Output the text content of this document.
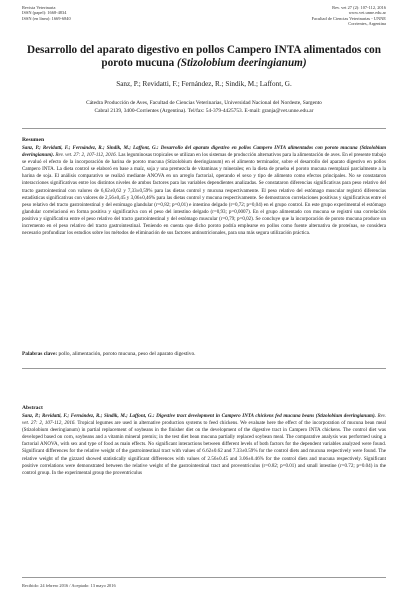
Revista Veterinaria
ISSN (papel): 1668-4834
ISSN (en línea): 1669-6840
Rev. vet 27 (2): 107-112, 2016
www.vet.unne.edu.ar
Facultad de Ciencias Veterinarias - UNNE
Corrientes, Argentina
Desarrollo del aparato digestivo en pollos Campero INTA alimentados con poroto mucuna (Stizolobium deeringianum)
Sanz, P.; Revidatti, F.; Fernández, R.; Sindik, M.; Laffont, G.
Cátedra Producción de Aves, Facultad de Ciencias Veterinarias, Universidad Nacional del Nordeste, Sargento
Cabral 2139, 3400-Corrientes (Argentina). Tel/fax: 54-379-4425753. E-mail: granja@vet.unne.edu.ar
Resumen
Sanz, P.; Revidatti, F.; Fernández, R.; Sindik, M.; Laffont, G.: Desarrollo del aparato digestivo en pollos Campero INTA alimentados con poroto mucuna (Stizolobium deeringianum). Rev. vet. 27: 2, 107-112, 2016. Las leguminosas tropicales se utilizan en los sistemas de producción alternativos para la alimentación de aves. En el presente trabajo se evaluó el efecto de la incorporación de harina de poroto mucuna (Stizolobium deeringianum) en el alimento terminador, sobre el desarrollo del aparato digestivo en pollos Campero INTA. La dieta control se elaboró en base a maíz, soja y una premezcla de vitaminas y minerales; en la dieta de prueba el poroto mucuna reemplazó parcialmente a la harina de soja. El análisis comparativo se realizó mediante ANOVA en un arreglo factorial, operando el sexo y tipo de alimento como efectos principales. No se constataron interacciones significativas entre los distintos niveles de ambos factores para las variables dependientes analizadas. Se constataron diferencias significativas para peso relativo del tracto gastrointestinal con valores de 6,62±0,62 y 7,33±0,59% para las dietas control y mucuna respectivamente. El peso relativo del estómago muscular registró diferencias estadísticas significativas con valores de 2,56±0,45 y 3,06±0,46% para las dietas control y mucuna respectivamente. Se demostraron correlaciones positivas y significativas entre el peso relativo del tracto gastrointestinal y del estómago glandular (r=0,82; p=0,01) e intestino delgado (r=0,72; p=0,04) en el grupo control. En este grupo experimental el estómago glandular correlacionó en forma positiva y significativa con el peso del intestino delgado (r=0,93; p=0,0007). En el grupo alimentado con mucuna se registró una correlación positiva y significativa entre el peso relativo del tracto gastrointestinal y del estómago muscular (r=0,79; p=0,02). Se concluye que la incorporación de poroto mucuna produce un incremento en el peso relativo del tracto gastrointestinal. Teniendo en cuenta que dicho poroto podría emplearse en pollos como fuente alternativa de proteínas, se considera necesario profundizar los estudios sobre los métodos de eliminación de sus factores antinutricionales, para una más segura utilización práctica.
Palabras clave: pollo, alimentación, poroto mucuna, peso del aparato digestivo.
Abstract
Sanz, P.; Revidatti, F.; Fernández, R.; Sindik, M.; Laffont, G.: Digestive tract development in Campero INTA chickens fed mucuna beans (Stizolobium deeringianum). Rev. vet. 27: 2, 107-112, 2016. Tropical legumes are used in alternative production systems to feed chickens. We evaluate here the effect of the incorporation of mucuna bean meal (Stizolobium deeringianum) in partial replacement of soybeans in the finisher diet on the development of the digestive tract in Campero INTA chickens. The control diet was developed based on corn, soybeans and a vitamin mineral premix; in the test diet bean mucuna partially replaced soybean meal. The comparative analysis was performed using a factorial ANOVA, with sex and type of food as main effects. No significant interactions between different levels of both factors for the dependent variables analyzed were found. Significant differences for the relative weight of the gastrointestinal tract with values of 6.62±0.62 and 7.33±0.59% for the control diets and mucuna respectively were found. The relative weight of the gizzard showed statistically significant differences with values of 2.56±0.45 and 3.06±0.46% for the control diets and mucuna respectively. Significant positive correlations were demonstrated between the relative weight of the gastrointestinal tract and proventriculus (r=0.82; p=0.01) and small intestine (r=0.72; p=0.04) in the control group. In the experimental group the proventriculus
Recibido: 24 febrero 2016 / Aceptado: 13 mayo 2016
